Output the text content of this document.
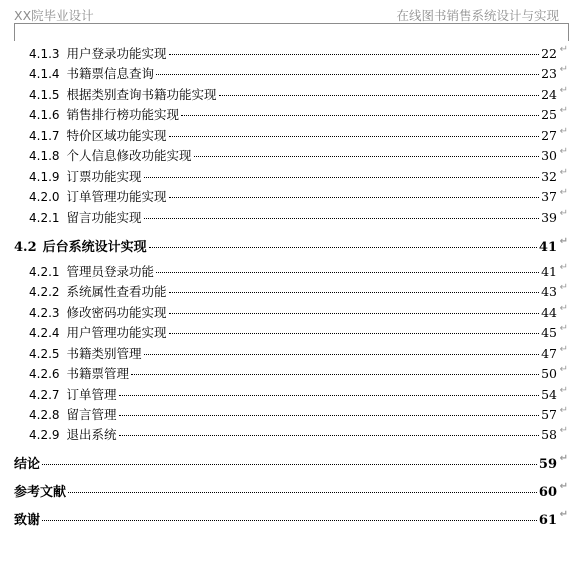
XX院毕业设计	在线图书销售系统设计与实现
4.1.3 用户登录功能实现	22 ↵
4.1.4 书籍票信息查询	23 ↵
4.1.5 根据类别查询书籍功能实现	24 ↵
4.1.6 销售排行榜功能实现	25 ↵
4.1.7 特价区域功能实现	27 ↵
4.1.8 个人信息修改功能实现	30 ↵
4.1.9 订票功能实现	32 ↵
4.2.0 订单管理功能实现	37 ↵
4.2.1 留言功能实现	39 ↵
4.2 后台系统设计实现	41 ↵
4.2.1 管理员登录功能	41 ↵
4.2.2 系统属性查看功能	43 ↵
4.2.3 修改密码功能实现	44 ↵
4.2.4 用户管理功能实现	45 ↵
4.2.5 书籍类别管理	47 ↵
4.2.6 书籍票管理	50 ↵
4.2.7 订单管理	54 ↵
4.2.8 留言管理	57 ↵
4.2.9 退出系统	58 ↵
结论	59 ↵
参考文献	60 ↵
致谢	61 ↵
